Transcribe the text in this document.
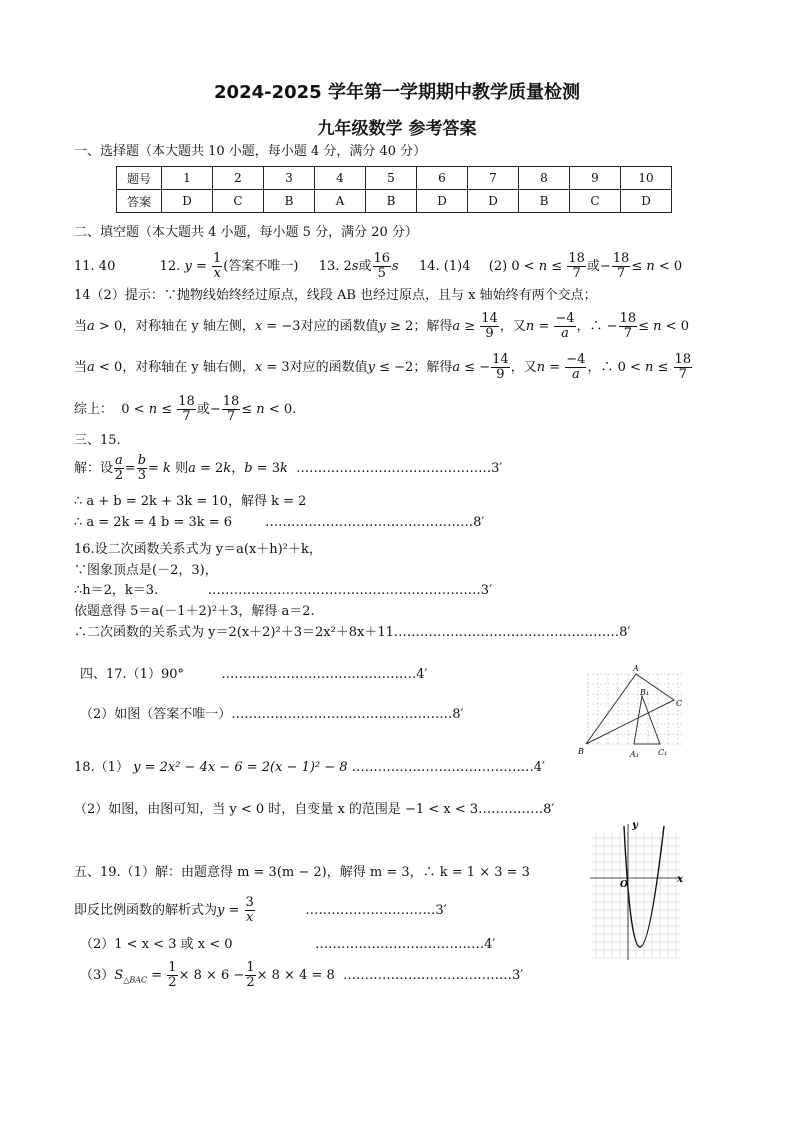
2024-2025 学年第一学期期中教学质量检测
九年级数学 参考答案
一、选择题（本大题共 10 小题，每小题 4 分，满分 40 分）
题号	1	2	3	4	5	6	7	8	9	10
答案	D	C	B	A	B	D	D	B	C	D
二、填空题（本大题共 4 小题，每小题 5 分，满分 20 分）
11. 40	12. $y = \frac{1}{x}$ (答案不唯一) 13. 2s或 $\frac{16}{5}$ s 14. (1)4 (2) $0 < n \le \frac{18}{7}$ 或− $\frac{18}{7} \le n < 0$
14（2）提示：∵抛物线始终经过原点，线段 AB 也经过原点，且与 x 轴始终有两个交点；
当a > 0，对称轴在 y 轴左侧，x = −3对应的函数值y ≥ 2；解得$a \ge \frac{14}{9}$ ，又$n = \frac{-4}{a}$ ，∴ − $\frac{18}{7} \le n < 0$
当a < 0，对称轴在 y 轴右侧，x = 3对应的函数值y ≤ −2；解得a ≤ − $\frac{14}{9}$ ，又$n = \frac{-4}{a}$ ，∴ $0 < n \le \frac{18}{7}$
综上：  $0 < n \le \frac{18}{7}$ 或− $\frac{18}{7} \le n < 0$.
三、15.
解：设 $\frac{a}{2} = \frac{b}{3} = k$ 则a = 2k，b = 3k ………………………………………3′
∴ a + b = 2k + 3k = 10，解得 k = 2
∴ a = 2k = 4 b = 3k = 6	…………………………………………8′
16.设二次函数关系式为 y＝a(x＋h)²＋k，
∵图象顶点是(－2，3)，
∴h＝2，k＝3.	………………………………………………………3′
依题意得 5＝a(－1＋2)²＋3，解得 a＝2.
∴二次函数的关系式为 y＝2(x＋2)²＋3＝2x²＋8x＋11.……………………………………………8′
四、17.（1）90°	………………………………………4′
（2）如图（答案不唯一）……………………………………………8′
A
B
C
B₁
A₁ C₁
18.（1） y = 2x² − 4x − 6 = 2(x − 1)² − 8 ……………………………………4′
（2）如图，由图可知，当 y < 0 时，自变量 x 的范围是 −1 < x < 3……………8′
y
x
O
五、19.（1）解：由题意得 m = 3(m − 2)，解得 m = 3，∴ k = 1 × 3 = 3
即反比例函数的解析式为$y = \frac{3}{x}$	…………………………3′
（2）1 < x < 3 或 x < 0	…………………………………4′
$(3)S_{\triangle BAC} = \frac{1}{2} \times 8 \times 6 - \frac{1}{2} \times 8 \times 4 = 8$ …………………………………3′
